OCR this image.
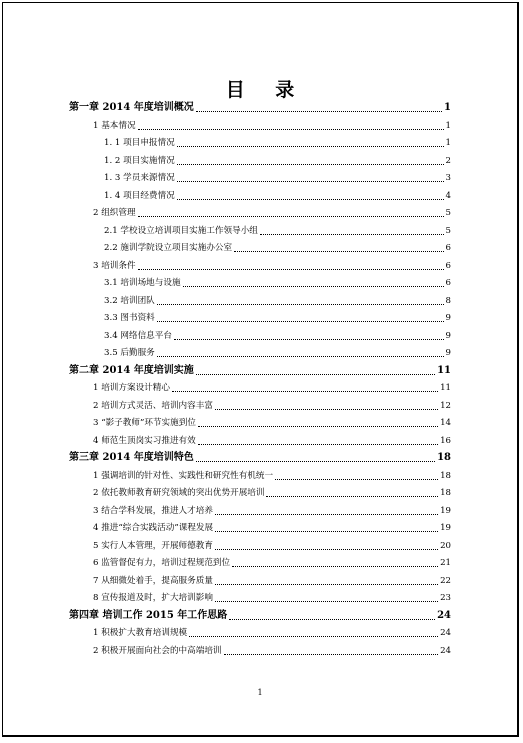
目 录
第一章 2014 年度培训概况	1
1 基本情况	1
1. 1 项目申报情况	1
1. 2 项目实施情况	2
1. 3 学员来源情况	3
1. 4 项目经费情况	4
2 组织管理	5
2.1 学校设立培训项目实施工作领导小组	5
2.2 施训学院设立项目实施办公室	6
3 培训条件	6
3.1 培训场地与设施	6
3.2 培训团队	8
3.3 图书资料	9
3.4 网络信息平台	9
3.5 后勤服务	9
第二章 2014 年度培训实施	11
1 培训方案设计精心	11
2 培训方式灵活、培训内容丰富	12
3 “影子教师”环节实施到位	14
4 师范生顶岗实习推进有效	16
第三章 2014 年度培训特色	18
1 强调培训的针对性、实践性和研究性有机统一	18
2 依托教师教育研究领域的突出优势开展培训	18
3 结合学科发展，推进人才培养	19
4 推进“综合实践活动”课程发展	19
5 实行人本管理，开展师德教育	20
6 监管督促有力，培训过程规范到位	21
7 从细微处着手，提高服务质量	22
8 宣传报道及时，扩大培训影响	23
第四章 培训工作 2015 年工作思路	24
1 积极扩大教育培训规模	24
2 积极开展面向社会的中高端培训	24
1
